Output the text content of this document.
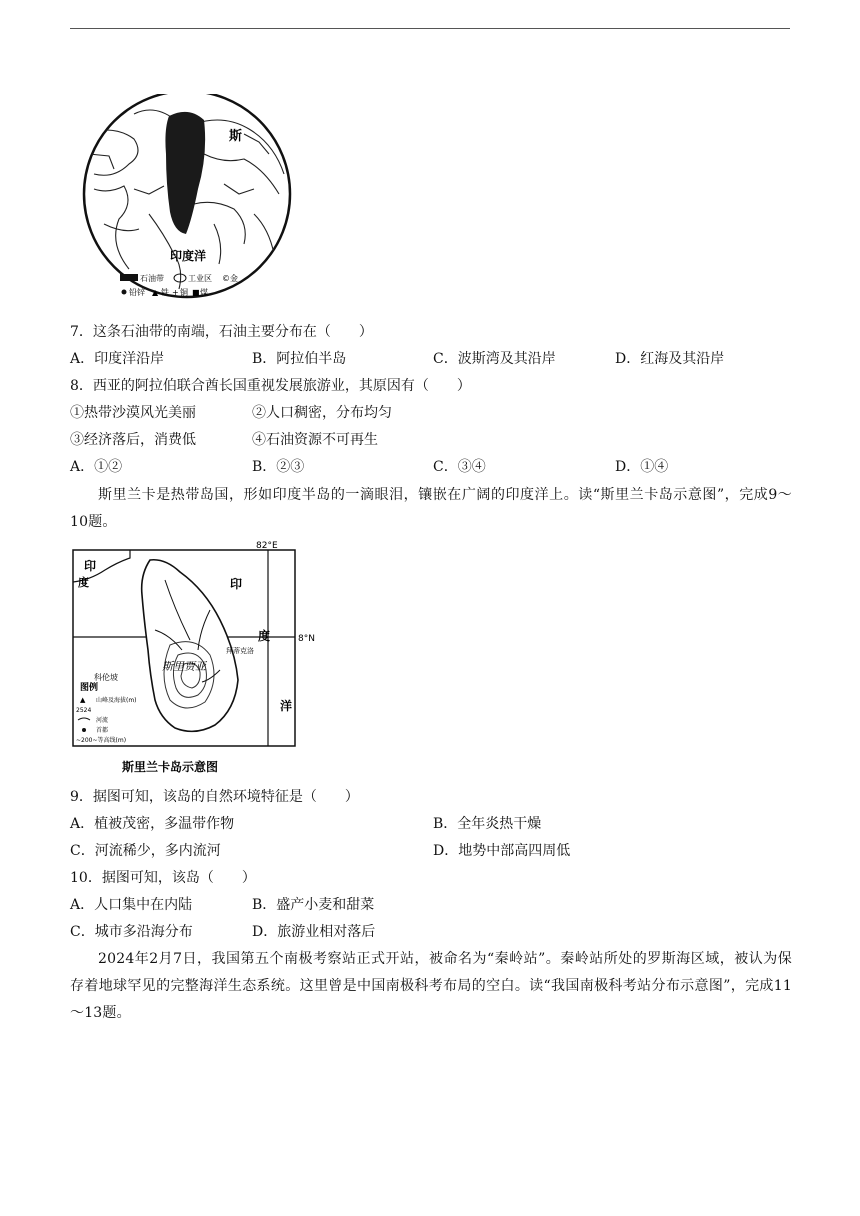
斯
印度洋
石油带	工业区 © 金
铅锌 ▲ 铁 + 铜 ■ 煤
7．这条石油带的南端，石油主要分布在（　　）
A．印度洋沿岸	B．阿拉伯半岛	C．波斯湾及其沿岸	D．红海及其沿岸
8．西亚的阿拉伯联合酋长国重视发展旅游业，其原因有（　　）
①热带沙漠风光美丽	②人口稠密，分布均匀
③经济落后，消费低	④石油资源不可再生
A．①②	B．②③	C．③④	D．①④
斯里兰卡是热带岛国，形如印度半岛的一滴眼泪，镶嵌在广阔的印度洋上。读“斯里兰卡岛示意图”，完成9～10题。
82°E
8°N
印
度	印
度
洋
斯里贾亚
拜蒂克洛
图例
科伦坡
▲ 山峰及海拔(m)
2524
河流
首都
~200~等高线(m)
斯里兰卡岛示意图
9．据图可知，该岛的自然环境特征是（　　）
A．植被茂密，多温带作物	B．全年炎热干燥
C．河流稀少，多内流河	D．地势中部高四周低
10．据图可知，该岛（　　）
A．人口集中在内陆	B．盛产小麦和甜菜
C．城市多沿海分布	D．旅游业相对落后
2024年2月7日，我国第五个南极考察站正式开站，被命名为“秦岭站”。秦岭站所处的罗斯海区域，被认为保存着地球罕见的完整海洋生态系统。这里曾是中国南极科考布局的空白。读“我国南极科考站分布示意图”，完成11～13题。
